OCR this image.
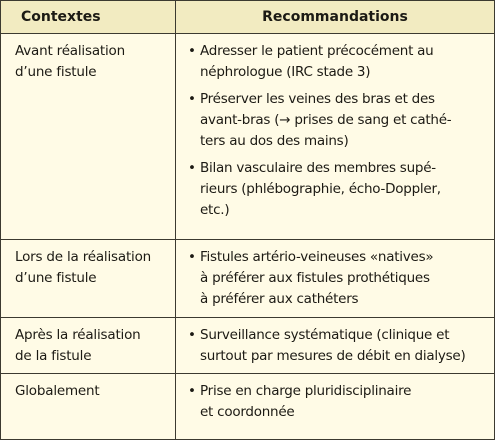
Contextes	Recommandations
Avant réalisation
d’une fistule
• Adresser le patient précocément au
néphrologue (IRC stade 3)
• Préserver les veines des bras et des
avant-bras (→ prises de sang et cathé-
ters au dos des mains)
• Bilan vasculaire des membres supé-
rieurs (phlébographie, écho-Doppler,
etc.)
Lors de la réalisation
d’une fistule
• Fistules artério-veineuses «natives»
à préférer aux fistules prothétiques
à préférer aux cathéters
Après la réalisation
de la fistule
• Surveillance systématique (clinique et
surtout par mesures de débit en dialyse)
Globalement	• Prise en charge pluridisciplinaire
et coordonnée
